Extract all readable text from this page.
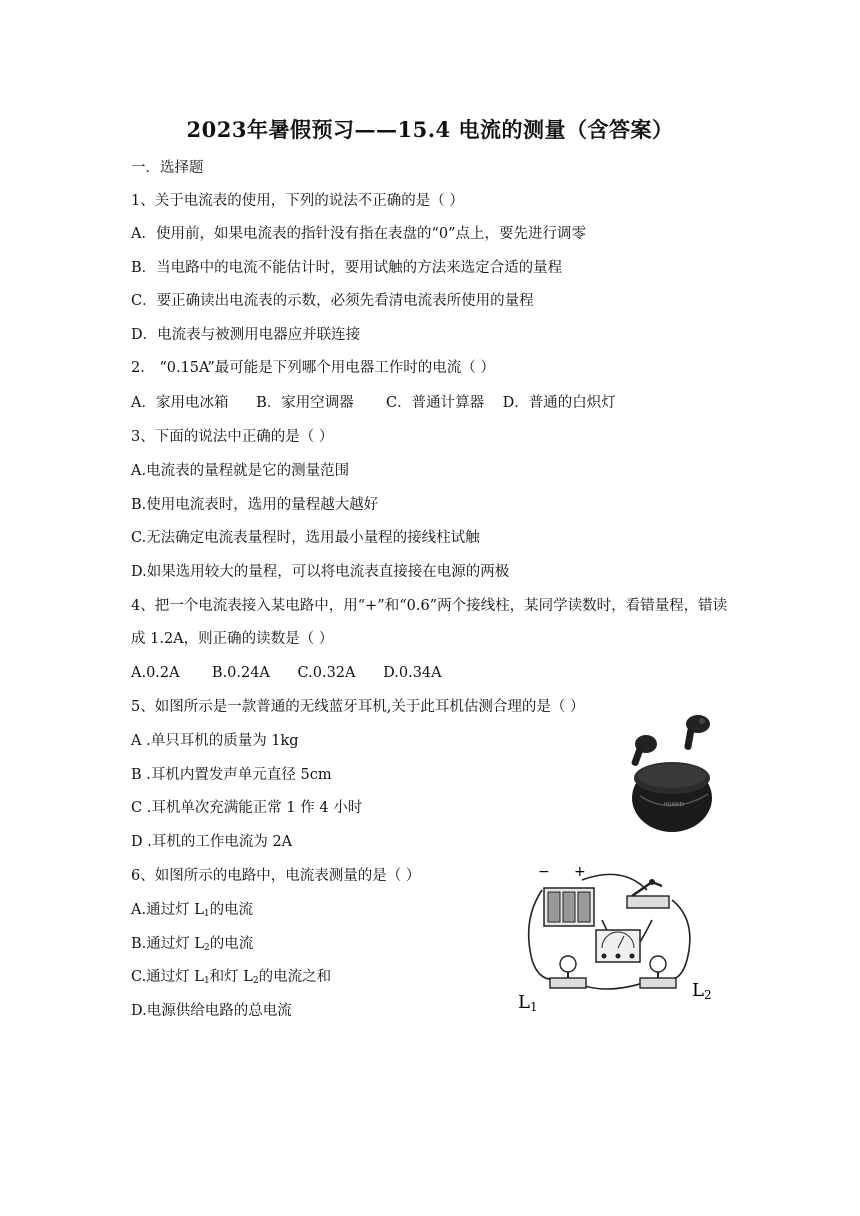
2023年暑假预习——15.4 电流的测量（含答案）
一．选择题
1、关于电流表的使用，下列的说法不正确的是（ ）
A．使用前，如果电流表的指针没有指在表盘的“0”点上，要先进行调零
B．当电路中的电流不能估计时，要用试触的方法来选定合适的量程
C．要正确读出电流表的示数，必须先看清电流表所使用的量程
D．电流表与被测用电器应并联连接
2． “0.15A”最可能是下列哪个用电器工作时的电流（ ）
A．家用电冰箱      B．家用空调器       C．普通计算器    D．普通的白炽灯
3、下面的说法中正确的是（ ）
A.电流表的量程就是它的测量范围
B.使用电流表时，选用的量程越大越好
C.无法确定电流表量程时，选用最小量程的接线柱试触
D.如果选用较大的量程，可以将电流表直接接在电源的两极
4、把一个电流表接入某电路中，用“+”和“0.6”两个接线柱，某同学读数时，看错量程，错读
成 1.2A，则正确的读数是（ ）
A.0.2A       B.0.24A      C.0.32A      D.0.34A
5、如图所示是一款普通的无线蓝牙耳机,关于此耳机估测合理的是（ ）
A .单只耳机的质量为 1kg
B .耳机内置发声单元直径 5cm
C .耳机单次充满能正常 1 作 4 小时
D .耳机的工作电流为 2A
HUAWEI
6、如图所示的电路中，电流表测量的是（ ）
A.通过灯 $L_1$的电流
B.通过灯 $L_2$的电流
C.通过灯 $L_1$和灯 $L_2$的电流之和
D.电源供给电路的总电流
− +
L1
L2
